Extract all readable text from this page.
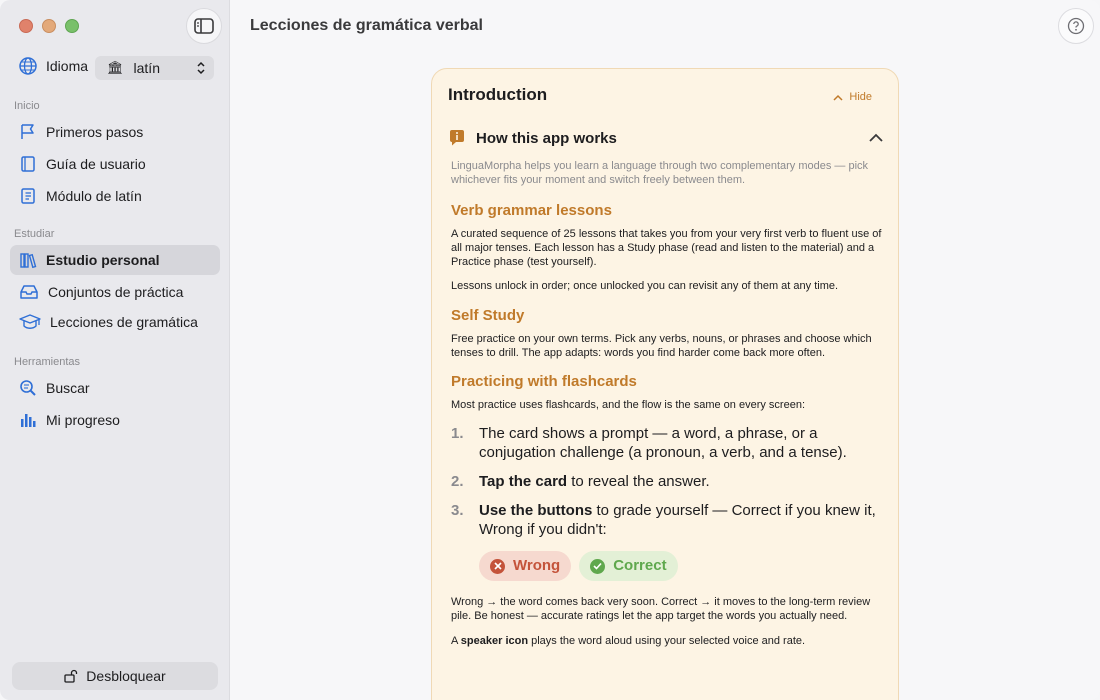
Idioma 🏛 latín
Inicio
Primeros pasos
Guía de usuario
Módulo de latín
Estudiar
Estudio personal
Conjuntos de práctica
Lecciones de gramática
Herramientas
Buscar
Mi progreso
Desbloquear
Lecciones de gramática verbal
Introduction	Hide
How this app works

LinguaMorpha helps you learn a language through two complementary modes — pick whichever fits your moment and switch freely between them.

Verb grammar lessons

A curated sequence of 25 lessons that takes you from your very first verb to fluent use of all major tenses. Each lesson has a Study phase (read and listen to the material) and a Practice phase (test yourself).

Lessons unlock in order; once unlocked you can revisit any of them at any time.

Self Study

Free practice on your own terms. Pick any verbs, nouns, or phrases and choose which tenses to drill. The app adapts: words you find harder come back more often.

Practicing with flashcards

Most practice uses flashcards, and the flow is the same on every screen:

1.	The card shows a prompt — a word, a phrase, or a conjugation challenge (a pronoun, a verb, and a tense).
2.	Tap the card to reveal the answer.
3.	Use the buttons to grade yourself — Correct if you knew it, Wrong if you didn't:
Wrong	Correct

Wrong → the word comes back very soon. Correct → it moves to the long-term review pile. Be honest — accurate ratings let the app target the words you actually need.

A speaker icon plays the word aloud using your selected voice and rate.
